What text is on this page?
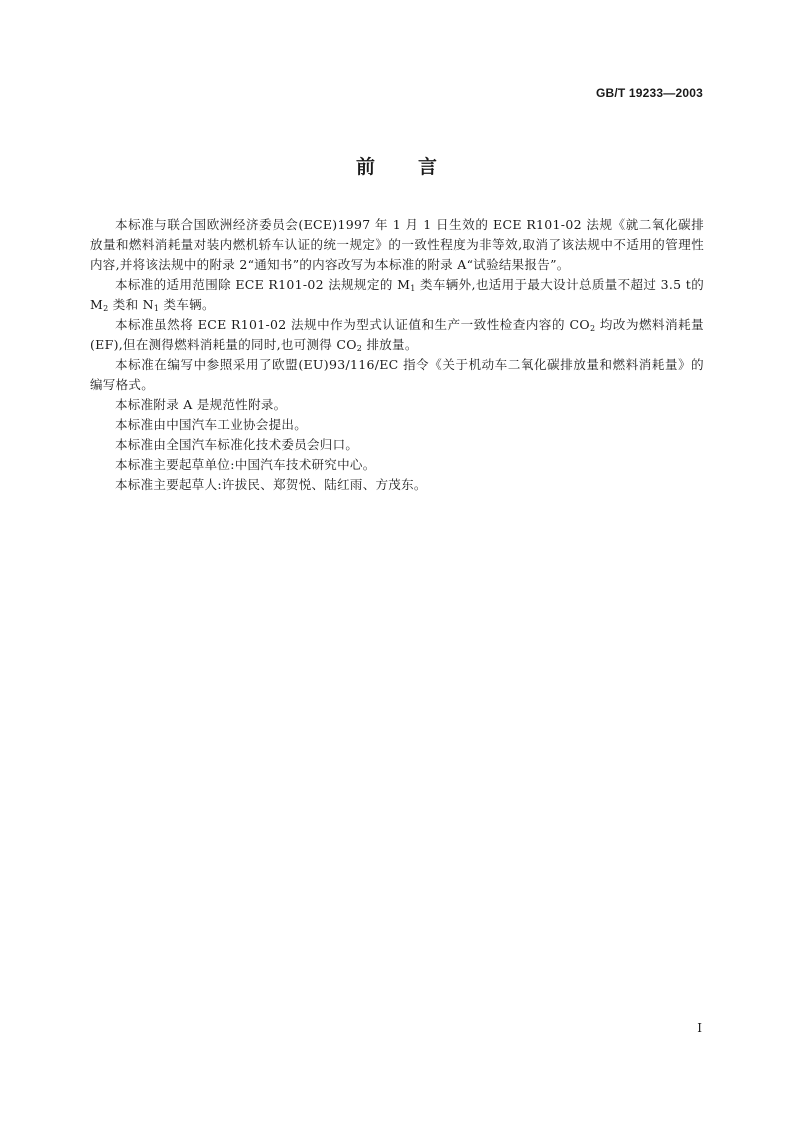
GB/T 19233—2003
前 言

本标准与联合国欧洲经济委员会(ECE)1997 年 1 月 1 日生效的 ECE R101-02 法规《就二氧化碳排放量和燃料消耗量对装内燃机轿车认证的统一规定》的一致性程度为非等效,取消了该法规中不适用的管理性内容,并将该法规中的附录 2“通知书”的内容改写为本标准的附录 A“试验结果报告”。

本标准的适用范围除 ECE R101-02 法规规定的 $M_1$ 类车辆外,也适用于最大设计总质量不超过 3.5 t的 $M_2$ 类和 $N_1$ 类车辆。

本标准虽然将 ECE R101-02 法规中作为型式认证值和生产一致性检查内容的 $CO_2$ 均改为燃料消耗量(EF),但在测得燃料消耗量的同时,也可测得 $CO_2$ 排放量。

本标准在编写中参照采用了欧盟(EU)93/116/EC 指令《关于机动车二氧化碳排放量和燃料消耗量》的编写格式。

本标准附录 A 是规范性附录。

本标准由中国汽车工业协会提出。

本标准由全国汽车标准化技术委员会归口。

本标准主要起草单位:中国汽车技术研究中心。

本标准主要起草人:许拔民、郑贺悦、陆红雨、方茂东。

I
